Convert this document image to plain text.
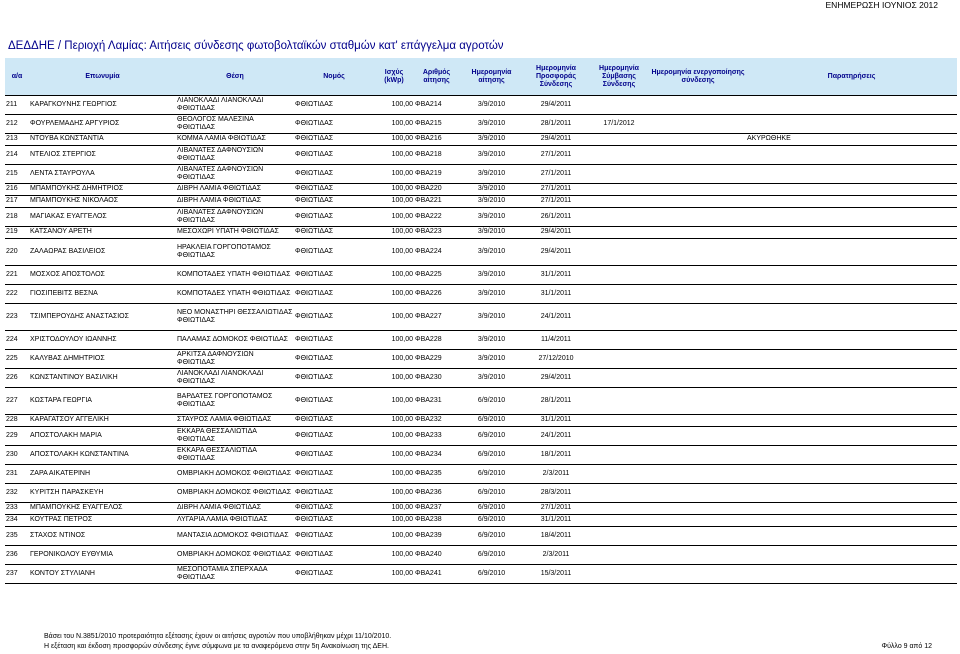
ΕΝΗΜΕΡΩΣΗ ΙΟΥΝΙΟΣ 2012
ΔΕΔΔΗΕ / Περιοχή Λαμίας: Αιτήσεις σύνδεσης φωτοβολταϊκών σταθμών κατ' επάγγελμα αγροτών
α/α	Επωνυμία	Θέση	Νομός	Ισχύς (kWp)	Αριθμός αίτησης	Ημερομηνία αίτησης	Ημερομηνία Προσφοράς Σύνδεσης	Ημερομηνία Σύμβασης Σύνδεσης	Ημερομηνία ενεργοποίησης σύνδεσης	Παρατηρήσεις
211	ΚΑΡΑΓΚΟΥΝΗΣ ΓΕΩΡΓΙΟΣ	ΛΙΑΝΟΚΛΑΔΙ ΛΙΑΝΟΚΛΑΔΙ ΦΘΙΩΤΙΔΑΣ	ΦΘΙΩΤΙΔΑΣ	100,00	ΦΒΑ214	3/9/2010	29/4/2011			
212	ΦΟΥΡΛΕΜΑΔΗΣ ΑΡΓΥΡΙΟΣ	ΘΕΟΛΟΓΟΣ ΜΑΛΕΣΙΝΑ ΦΘΙΩΤΙΔΑΣ	ΦΘΙΩΤΙΔΑΣ	100,00	ΦΒΑ215	3/9/2010	28/1/2011	17/1/2012		
213	ΝΤΟΥΒΑ ΚΩΝΣΤΑΝΤΙΑ	ΚΟΜΜΑ ΛΑΜΙΑ ΦΘΙΩΤΙΔΑΣ	ΦΘΙΩΤΙΔΑΣ	100,00	ΦΒΑ216	3/9/2010	29/4/2011			ΑΚΥΡΩΘΗΚΕ
214	ΝΤΕΛΙΟΣ ΣΤΕΡΓΙΟΣ	ΛΙΒΑΝΑΤΕΣ ΔΑΦΝΟΥΣΙΩΝ ΦΘΙΩΤΙΔΑΣ	ΦΘΙΩΤΙΔΑΣ	100,00	ΦΒΑ218	3/9/2010	27/1/2011			
215	ΛΕΝΤΑ ΣΤΑΥΡΟΥΛΑ	ΛΙΒΑΝΑΤΕΣ ΔΑΦΝΟΥΣΙΩΝ ΦΘΙΩΤΙΔΑΣ	ΦΘΙΩΤΙΔΑΣ	100,00	ΦΒΑ219	3/9/2010	27/1/2011			
216	ΜΠΑΜΠΟΥΚΗΣ ΔΗΜΗΤΡΙΟΣ	ΔΙΒΡΗ ΛΑΜΙΑ ΦΘΙΩΤΙΔΑΣ	ΦΘΙΩΤΙΔΑΣ	100,00	ΦΒΑ220	3/9/2010	27/1/2011			
217	ΜΠΑΜΠΟΥΚΗΣ ΝΙΚΟΛΑΟΣ	ΔΙΒΡΗ ΛΑΜΙΑ ΦΘΙΩΤΙΔΑΣ	ΦΘΙΩΤΙΔΑΣ	100,00	ΦΒΑ221	3/9/2010	27/1/2011			
218	ΜΑΓΙΑΚΑΣ ΕΥΑΓΓΕΛΟΣ	ΛΙΒΑΝΑΤΕΣ ΔΑΦΝΟΥΣΙΩΝ ΦΘΙΩΤΙΔΑΣ	ΦΘΙΩΤΙΔΑΣ	100,00	ΦΒΑ222	3/9/2010	26/1/2011			
219	ΚΑΤΣΑΝΟΥ ΑΡΕΤΗ	ΜΕΣΟΧΩΡΙ ΥΠΑΤΗ ΦΘΙΩΤΙΔΑΣ	ΦΘΙΩΤΙΔΑΣ	100,00	ΦΒΑ223	3/9/2010	29/4/2011			
220	ΖΑΛΑΩΡΑΣ ΒΑΣΙΛΕΙΟΣ	ΗΡΑΚΛΕΙΑ ΓΟΡΓΟΠΟΤΑΜΟΣ ΦΘΙΩΤΙΔΑΣ	ΦΘΙΩΤΙΔΑΣ	100,00	ΦΒΑ224	3/9/2010	29/4/2011			
221	ΜΟΣΧΟΣ ΑΠΟΣΤΟΛΟΣ	ΚΟΜΠΟΤΑΔΕΣ ΥΠΑΤΗ ΦΘΙΩΤΙΔΑΣ	ΦΘΙΩΤΙΔΑΣ	100,00	ΦΒΑ225	3/9/2010	31/1/2011			
222	ΓΙΟΣΙΠΕΒΙΤΣ ΒΕΣΝΑ	ΚΟΜΠΟΤΑΔΕΣ ΥΠΑΤΗ ΦΘΙΩΤΙΔΑΣ	ΦΘΙΩΤΙΔΑΣ	100,00	ΦΒΑ226	3/9/2010	31/1/2011			
223	ΤΣΙΜΠΕΡΟΥΔΗΣ ΑΝΑΣΤΑΣΙΟΣ	ΝΕΟ ΜΟΝΑΣΤΗΡΙ ΘΕΣΣΑΛΙΩΤΙΔΑΣ ΦΘΙΩΤΙΔΑΣ	ΦΘΙΩΤΙΔΑΣ	100,00	ΦΒΑ227	3/9/2010	24/1/2011			
224	ΧΡΙΣΤΟΔΟΥΛΟΥ ΙΩΑΝΝΗΣ	ΠΑΛΑΜΑΣ ΔΟΜΟΚΟΣ ΦΘΙΩΤΙΔΑΣ	ΦΘΙΩΤΙΔΑΣ	100,00	ΦΒΑ228	3/9/2010	11/4/2011			
225	ΚΑΛΥΒΑΣ ΔΗΜΗΤΡΙΟΣ	ΑΡΚΙΤΣΑ ΔΑΦΝΟΥΣΙΩΝ ΦΘΙΩΤΙΔΑΣ	ΦΘΙΩΤΙΔΑΣ	100,00	ΦΒΑ229	3/9/2010	27/12/2010			
226	ΚΩΝΣΤΑΝΤΙΝΟΥ ΒΑΣΙΛΙΚΗ	ΛΙΑΝΟΚΛΑΔΙ ΛΙΑΝΟΚΛΑΔΙ ΦΘΙΩΤΙΔΑΣ	ΦΘΙΩΤΙΔΑΣ	100,00	ΦΒΑ230	3/9/2010	29/4/2011			
227	ΚΩΣΤΑΡΑ ΓΕΩΡΓΙΑ	ΒΑΡΔΑΤΕΣ ΓΟΡΓΟΠΟΤΑΜΟΣ ΦΘΙΩΤΙΔΑΣ	ΦΘΙΩΤΙΔΑΣ	100,00	ΦΒΑ231	6/9/2010	28/1/2011			
228	ΚΑΡΑΓΑΤΣΟΥ ΑΓΓΕΛΙΚΗ	ΣΤΑΥΡΟΣ ΛΑΜΙΑ ΦΘΙΩΤΙΔΑΣ	ΦΘΙΩΤΙΔΑΣ	100,00	ΦΒΑ232	6/9/2010	31/1/2011			
229	ΑΠΟΣΤΟΛΑΚΗ ΜΑΡΙΑ	ΕΚΚΑΡΑ ΘΕΣΣΑΛΙΩΤΙΔΑ ΦΘΙΩΤΙΔΑΣ	ΦΘΙΩΤΙΔΑΣ	100,00	ΦΒΑ233	6/9/2010	24/1/2011			
230	ΑΠΟΣΤΟΛΑΚΗ ΚΩΝΣΤΑΝΤΙΝΑ	ΕΚΚΑΡΑ ΘΕΣΣΑΛΙΩΤΙΔΑ ΦΘΙΩΤΙΔΑΣ	ΦΘΙΩΤΙΔΑΣ	100,00	ΦΒΑ234	6/9/2010	18/1/2011			
231	ΖΑΡΑ ΑΙΚΑΤΕΡΙΝΗ	ΟΜΒΡΙΑΚΗ ΔΟΜΟΚΟΣ ΦΘΙΩΤΙΔΑΣ	ΦΘΙΩΤΙΔΑΣ	100,00	ΦΒΑ235	6/9/2010	2/3/2011			
232	ΚΥΡΙΤΣΗ ΠΑΡΑΣΚΕΥΗ	ΟΜΒΡΙΑΚΗ ΔΟΜΟΚΟΣ ΦΘΙΩΤΙΔΑΣ	ΦΘΙΩΤΙΔΑΣ	100,00	ΦΒΑ236	6/9/2010	28/3/2011			
233	ΜΠΑΜΠΟΥΚΗΣ ΕΥΑΓΓΕΛΟΣ	ΔΙΒΡΗ ΛΑΜΙΑ ΦΘΙΩΤΙΔΑΣ	ΦΘΙΩΤΙΔΑΣ	100,00	ΦΒΑ237	6/9/2010	27/1/2011			
234	ΚΟΥΤΡΑΣ ΠΕΤΡΟΣ	ΛΥΓΑΡΙΑ ΛΑΜΙΑ ΦΘΙΩΤΙΔΑΣ	ΦΘΙΩΤΙΔΑΣ	100,00	ΦΒΑ238	6/9/2010	31/1/2011			
235	ΣΤΑΧΟΣ ΝΤΙΝΟΣ	ΜΑΝΤΑΣΙΑ ΔΟΜΟΚΟΣ ΦΘΙΩΤΙΔΑΣ	ΦΘΙΩΤΙΔΑΣ	100,00	ΦΒΑ239	6/9/2010	18/4/2011			
236	ΓΕΡΟΝΙΚΟΛΟΥ ΕΥΘΥΜΙΑ	ΟΜΒΡΙΑΚΗ ΔΟΜΟΚΟΣ ΦΘΙΩΤΙΔΑΣ	ΦΘΙΩΤΙΔΑΣ	100,00	ΦΒΑ240	6/9/2010	2/3/2011			
237	ΚΟΝΤΟΥ ΣΤΥΛΙΑΝΗ	ΜΕΣΟΠΟΤΑΜΙΑ ΣΠΕΡΧΑΔΑ ΦΘΙΩΤΙΔΑΣ	ΦΘΙΩΤΙΔΑΣ	100,00	ΦΒΑ241	6/9/2010	15/3/2011			
Βάσει του Ν.3851/2010 προτεραιότητα εξέτασης έχουν οι αιτήσεις αγροτών που υποβλήθηκαν μέχρι 11/10/2010.
Η εξέταση και έκδοση προσφορών σύνδεσης έγινε σύμφωνα με τα αναφερόμενα στην 5η Ανακοίνωση της ΔΕΗ.	Φύλλο 9 από 12
